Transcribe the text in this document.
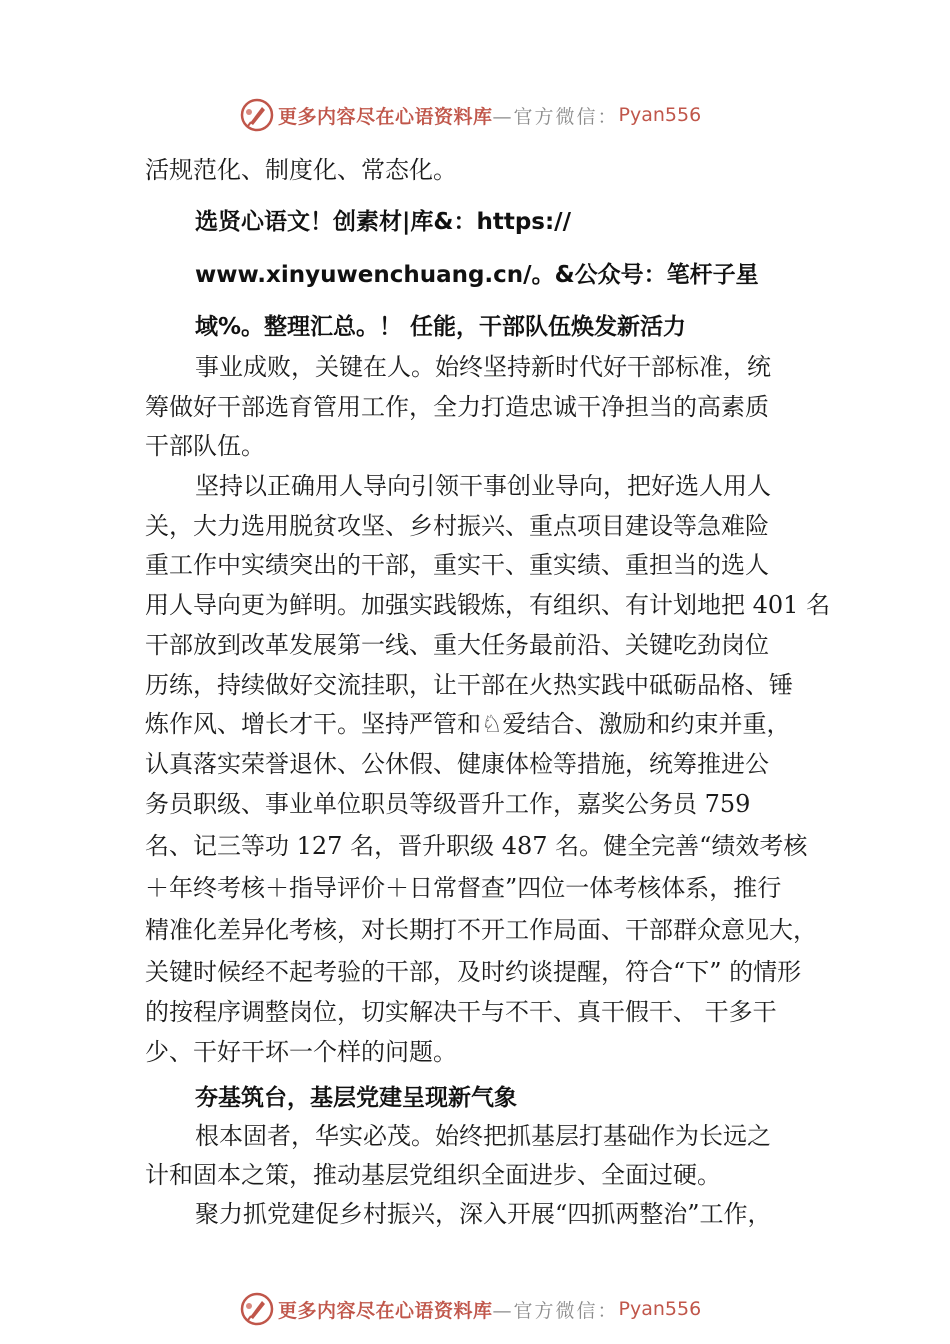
更多内容尽在心语资料库 —官方微信： Pyan556
活规范化、制度化、常态化。
选贤心语文！创素材|库&：https://
www.xinyuwenchuang.cn/。&公众号：笔杆子星
域%。整理汇总。！ 任能，干部队伍焕发新活力
事业成败，关键在人。始终坚持新时代好干部标准，统
筹做好干部选育管用工作，全力打造忠诚干净担当的高素质
干部队伍。
坚持以正确用人导向引领干事创业导向，把好选人用人
关，大力选用脱贫攻坚、乡村振兴、重点项目建设等急难险
重工作中实绩突出的干部，重实干、重实绩、重担当的选人
用人导向更为鲜明。加强实践锻炼，有组织、有计划地把 401 名
干部放到改革发展第一线、重大任务最前沿、关键吃劲岗位
历练，持续做好交流挂职，让干部在火热实践中砥砺品格、锤
炼作风、增长才干。坚持严管和♘爱结合、激励和约束并重，
认真落实荣誉退休、公休假、健康体检等措施，统筹推进公
务员职级、事业单位职员等级晋升工作，嘉奖公务员 759
名、记三等功 127 名，晋升职级 487 名。健全完善“绩效考核
＋年终考核＋指导评价＋日常督查”四位一体考核体系，推行
精准化差异化考核，对长期打不开工作局面、干部群众意见大，
关键时候经不起考验的干部，及时约谈提醒，符合“下” 的情形
的按程序调整岗位，切实解决干与不干、真干假干、 干多干
少、干好干坏一个样的问题。
夯基筑台，基层党建呈现新气象
根本固者，华实必茂。始终把抓基层打基础作为长远之
计和固本之策，推动基层党组织全面进步、全面过硬。
聚力抓党建促乡村振兴，深入开展“四抓两整治”工作，
更多内容尽在心语资料库 —官方微信： Pyan556
